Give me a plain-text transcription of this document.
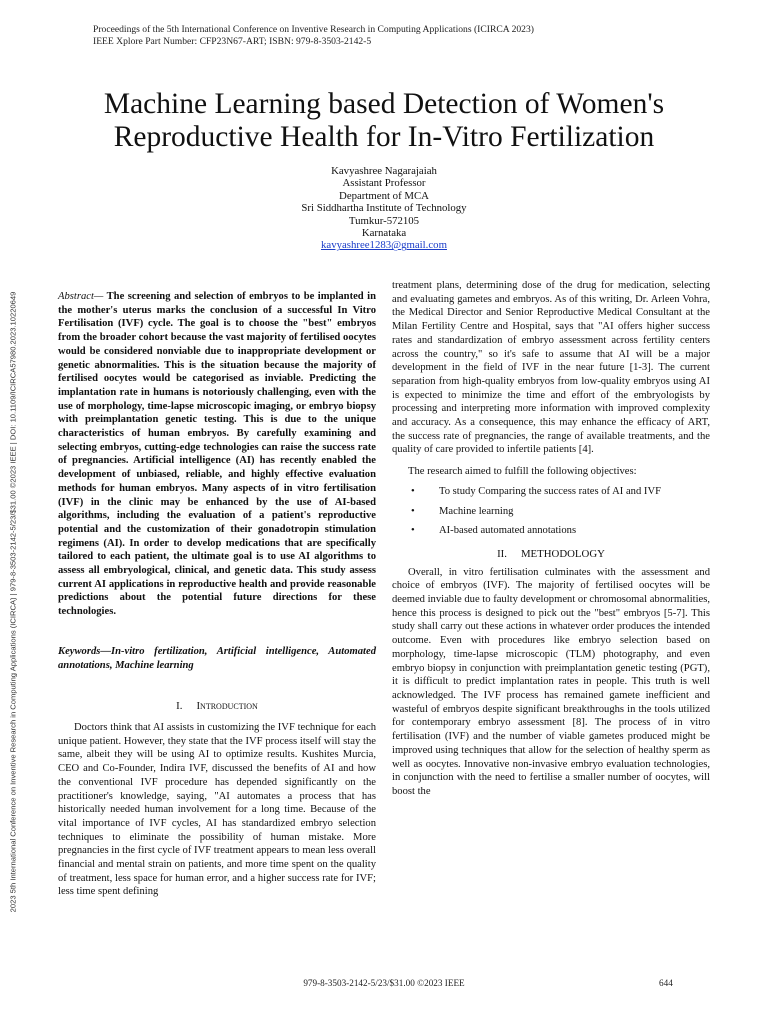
Proceedings of the 5th International Conference on Inventive Research in Computing Applications (ICIRCA 2023)
IEEE Xplore Part Number: CFP23N67-ART; ISBN: 979-8-3503-2142-5
2023 5th International Conference on Inventive Research in Computing Applications (ICIRCA) | 979-8-3503-2142-5/23/$31.00 ©2023 IEEE | DOI: 10.1109/ICIRCA57980.2023.10220649
Machine Learning based Detection of Women's
Reproductive Health for In-Vitro Fertilization
Kavyashree Nagarajaiah
Assistant Professor
Department of MCA
Sri Siddhartha Institute of Technology
Tumkur-572105
Karnataka
kavyashree1283@gmail.com

Abstract— The screening and selection of embryos to be implanted in the mother's uterus marks the conclusion of a successful In Vitro Fertilisation (IVF) cycle. The goal is to choose the "best" embryos from the broader cohort because the vast majority of fertilised oocytes would be considered nonviable due to inappropriate development or genetic abnormalities. This is the situation because the majority of fertilised oocytes would be categorised as inviable. Predicting the implantation rate in humans is notoriously challenging, even with the use of morphology, time-lapse microscopic imaging, or embryo biopsy with preimplantation genetic testing. This is due to the unique characteristics of human embryos. By carefully examining and selecting embryos, cutting-edge technologies can raise the success rate of pregnancies. Artificial intelligence (AI) has recently enabled the development of unbiased, reliable, and highly effective evaluation methods for human embryos. Many aspects of in vitro fertilisation (IVF) in the clinic may be enhanced by the use of AI-based algorithms, including the evaluation of a patient's reproductive potential and the customization of their gonadotropin stimulation regimens (AI). In order to develop medications that are specifically tailored to each patient, the ultimate goal is to use AI algorithms to assess all embryological, clinical, and genetic data. This study assess current AI applications in reproductive health and provide reasonable predictions about the potential future directions for these technologies.

Keywords—In-vitro fertilization, Artificial intelligence, Automated annotations, Machine learning

I. Introduction

Doctors think that AI assists in customizing the IVF technique for each unique patient. However, they state that the IVF process itself will stay the same, albeit they will be using AI to optimize results. Kushites Murcia, CEO and Co-Founder, Indira IVF, discussed the benefits of AI and how the conventional IVF procedure has depended significantly on the practitioner's knowledge, saying, "AI automates a process that has historically needed human involvement for a long time. Because of the vital importance of IVF cycles, AI has standardized embryo selection techniques to eliminate the possibility of human mistake. More pregnancies in the first cycle of IVF treatment appears to mean less overall financial and mental strain on patients, and more time spent on the quality of treatment, less space for human error, and a higher success rate for IVF; less time spent defining

treatment plans, determining dose of the drug for medication, selecting and evaluating gametes and embryos. As of this writing, Dr. Arleen Vohra, the Medical Director and Senior Reproductive Medical Consultant at the Milan Fertility Centre and Hospital, says that "AI offers higher success rates and standardization of embryo assessment across fertility centers across the country," so it's safe to assume that AI will be a major development in the field of IVF in the near future [1-3]. The current separation from high-quality embryos from low-quality embryos using AI is expected to minimize the time and effort of the embryologists by processing and interpreting more information with improved complexity and accuracy. As a consequence, this may enhance the efficacy of ART, the success rate of pregnancies, the range of available treatments, and the quality of care provided to infertile patients [4].

The research aimed to fulfill the following objectives:

• To study Comparing the success rates of AI and IVF
• Machine learning
• AI-based automated annotations

II. METHODOLOGY

Overall, in vitro fertilisation culminates with the assessment and choice of embryos (IVF). The majority of fertilised oocytes will be deemed inviable due to faulty development or chromosomal abnormalities, hence this process is designed to pick out the "best" embryos [5-7]. This study shall carry out these actions in whatever order produces the intended outcome. Even with procedures like embryo selection based on morphology, time-lapse microscopic (TLM) photography, and even embryo biopsy in conjunction with preimplantation genetic testing (PGT), it is difficult to predict implantation rates in people. This truth is well acknowledged. The IVF process has remained gamete inefficient and wasteful of embryos despite significant breakthroughs in the tools utilized for contemporary embryo assessment [8]. The process of in vitro fertilisation (IVF) and the number of viable gametes produced might be improved using techniques that allow for the selection of healthy sperm as well as oocytes. Innovative non-invasive embryo evaluation technologies, in conjunction with the need to fertilise a smaller number of oocytes, will boost the

979-8-3503-2142-5/23/$31.00 ©2023 IEEE	644
